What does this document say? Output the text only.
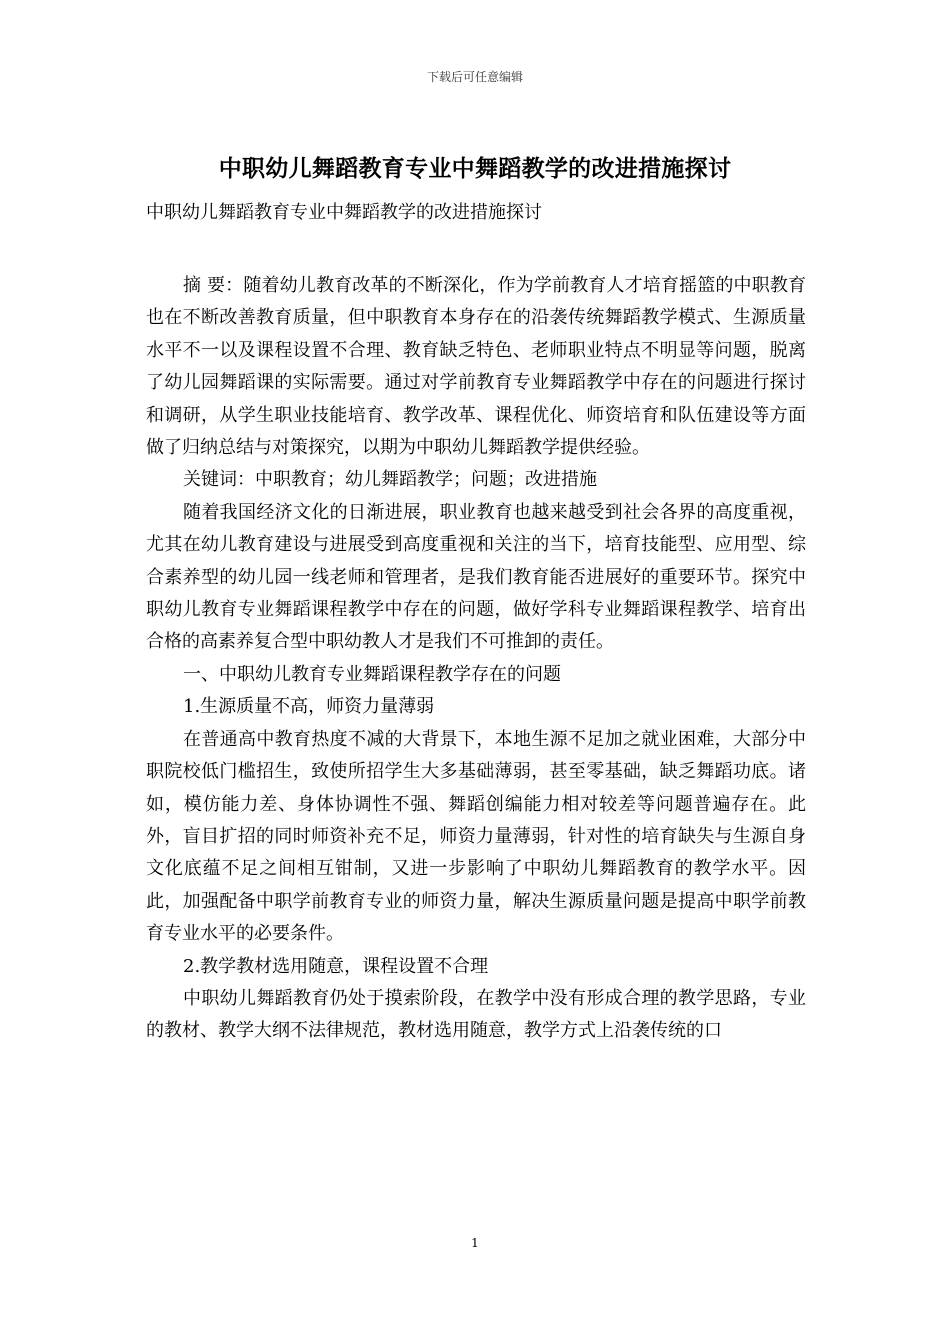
下载后可任意编辑
中职幼儿舞蹈教育专业中舞蹈教学的改进措施探讨
中职幼儿舞蹈教育专业中舞蹈教学的改进措施探讨

摘 要：随着幼儿教育改革的不断深化，作为学前教育人才培育摇篮的中职教育也在不断改善教育质量，但中职教育本身存在的沿袭传统舞蹈教学模式、生源质量水平不一以及课程设置不合理、教育缺乏特色、老师职业特点不明显等问题，脱离了幼儿园舞蹈课的实际需要。通过对学前教育专业舞蹈教学中存在的问题进行探讨和调研，从学生职业技能培育、教学改革、课程优化、师资培育和队伍建设等方面做了归纳总结与对策探究，以期为中职幼儿舞蹈教学提供经验。

关键词：中职教育；幼儿舞蹈教学；问题；改进措施

随着我国经济文化的日渐进展，职业教育也越来越受到社会各界的高度重视，尤其在幼儿教育建设与进展受到高度重视和关注的当下，培育技能型、应用型、综合素养型的幼儿园一线老师和管理者，是我们教育能否进展好的重要环节。探究中职幼儿教育专业舞蹈课程教学中存在的问题，做好学科专业舞蹈课程教学、培育出合格的高素养复合型中职幼教人才是我们不可推卸的责任。

一、中职幼儿教育专业舞蹈课程教学存在的问题

1.生源质量不高，师资力量薄弱

在普通高中教育热度不减的大背景下，本地生源不足加之就业困难，大部分中职院校低门槛招生，致使所招学生大多基础薄弱，甚至零基础，缺乏舞蹈功底。诸如，模仿能力差、身体协调性不强、舞蹈创编能力相对较差等问题普遍存在。此外，盲目扩招的同时师资补充不足，师资力量薄弱，针对性的培育缺失与生源自身文化底蕴不足之间相互钳制，又进一步影响了中职幼儿舞蹈教育的教学水平。因此，加强配备中职学前教育专业的师资力量，解决生源质量问题是提高中职学前教育专业水平的必要条件。

2.教学教材选用随意，课程设置不合理

中职幼儿舞蹈教育仍处于摸索阶段，在教学中没有形成合理的教学思路，专业的教材、教学大纲不法律规范，教材选用随意，教学方式上沿袭传统的口

1
